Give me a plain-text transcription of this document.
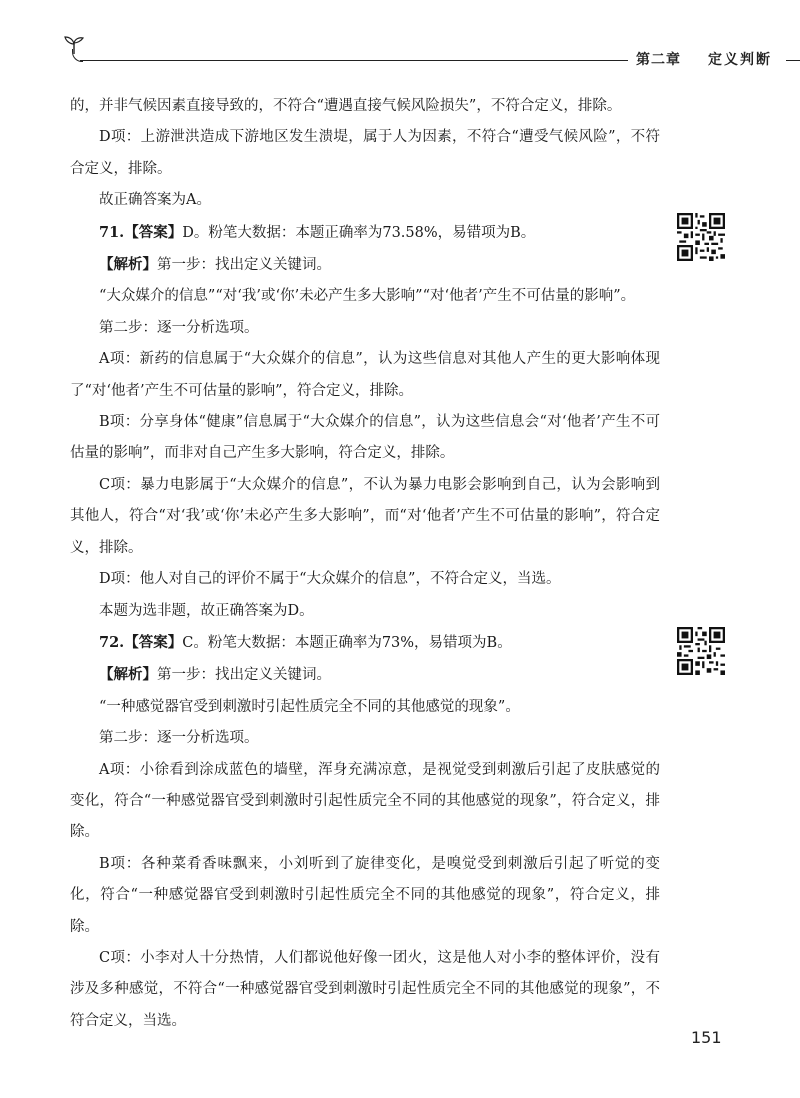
第二章 定义判断

的，并非气候因素直接导致的，不符合“遭遇直接气候风险损失”，不符合定义，排除。

D项：上游泄洪造成下游地区发生溃堤，属于人为因素，不符合“遭受气候风险”，不符合定义，排除。

故正确答案为A。

71.【答案】D。粉笔大数据：本题正确率为73.58%，易错项为B。

【解析】第一步：找出定义关键词。

“大众媒介的信息”“对‘我’或‘你’未必产生多大影响”“对‘他者’产生不可估量的影响”。

第二步：逐一分析选项。

A项：新药的信息属于“大众媒介的信息”，认为这些信息对其他人产生的更大影响体现了“对‘他者’产生不可估量的影响”，符合定义，排除。

B项：分享身体“健康”信息属于“大众媒介的信息”，认为这些信息会“对‘他者’产生不可估量的影响”，而非对自己产生多大影响，符合定义，排除。

C项：暴力电影属于“大众媒介的信息”，不认为暴力电影会影响到自己，认为会影响到其他人，符合“对‘我’或‘你’未必产生多大影响”，而“对‘他者’产生不可估量的影响”，符合定义，排除。

D项：他人对自己的评价不属于“大众媒介的信息”，不符合定义，当选。

本题为选非题，故正确答案为D。

72.【答案】C。粉笔大数据：本题正确率为73%，易错项为B。

【解析】第一步：找出定义关键词。

“一种感觉器官受到刺激时引起性质完全不同的其他感觉的现象”。

第二步：逐一分析选项。

A项：小徐看到涂成蓝色的墙壁，浑身充满凉意，是视觉受到刺激后引起了皮肤感觉的变化，符合“一种感觉器官受到刺激时引起性质完全不同的其他感觉的现象”，符合定义，排除。

B项：各种菜肴香味飘来，小刘听到了旋律变化，是嗅觉受到刺激后引起了听觉的变化，符合“一种感觉器官受到刺激时引起性质完全不同的其他感觉的现象”，符合定义，排除。

C项：小李对人十分热情，人们都说他好像一团火，这是他人对小李的整体评价，没有涉及多种感觉，不符合“一种感觉器官受到刺激时引起性质完全不同的其他感觉的现象”，不符合定义，当选。

151
